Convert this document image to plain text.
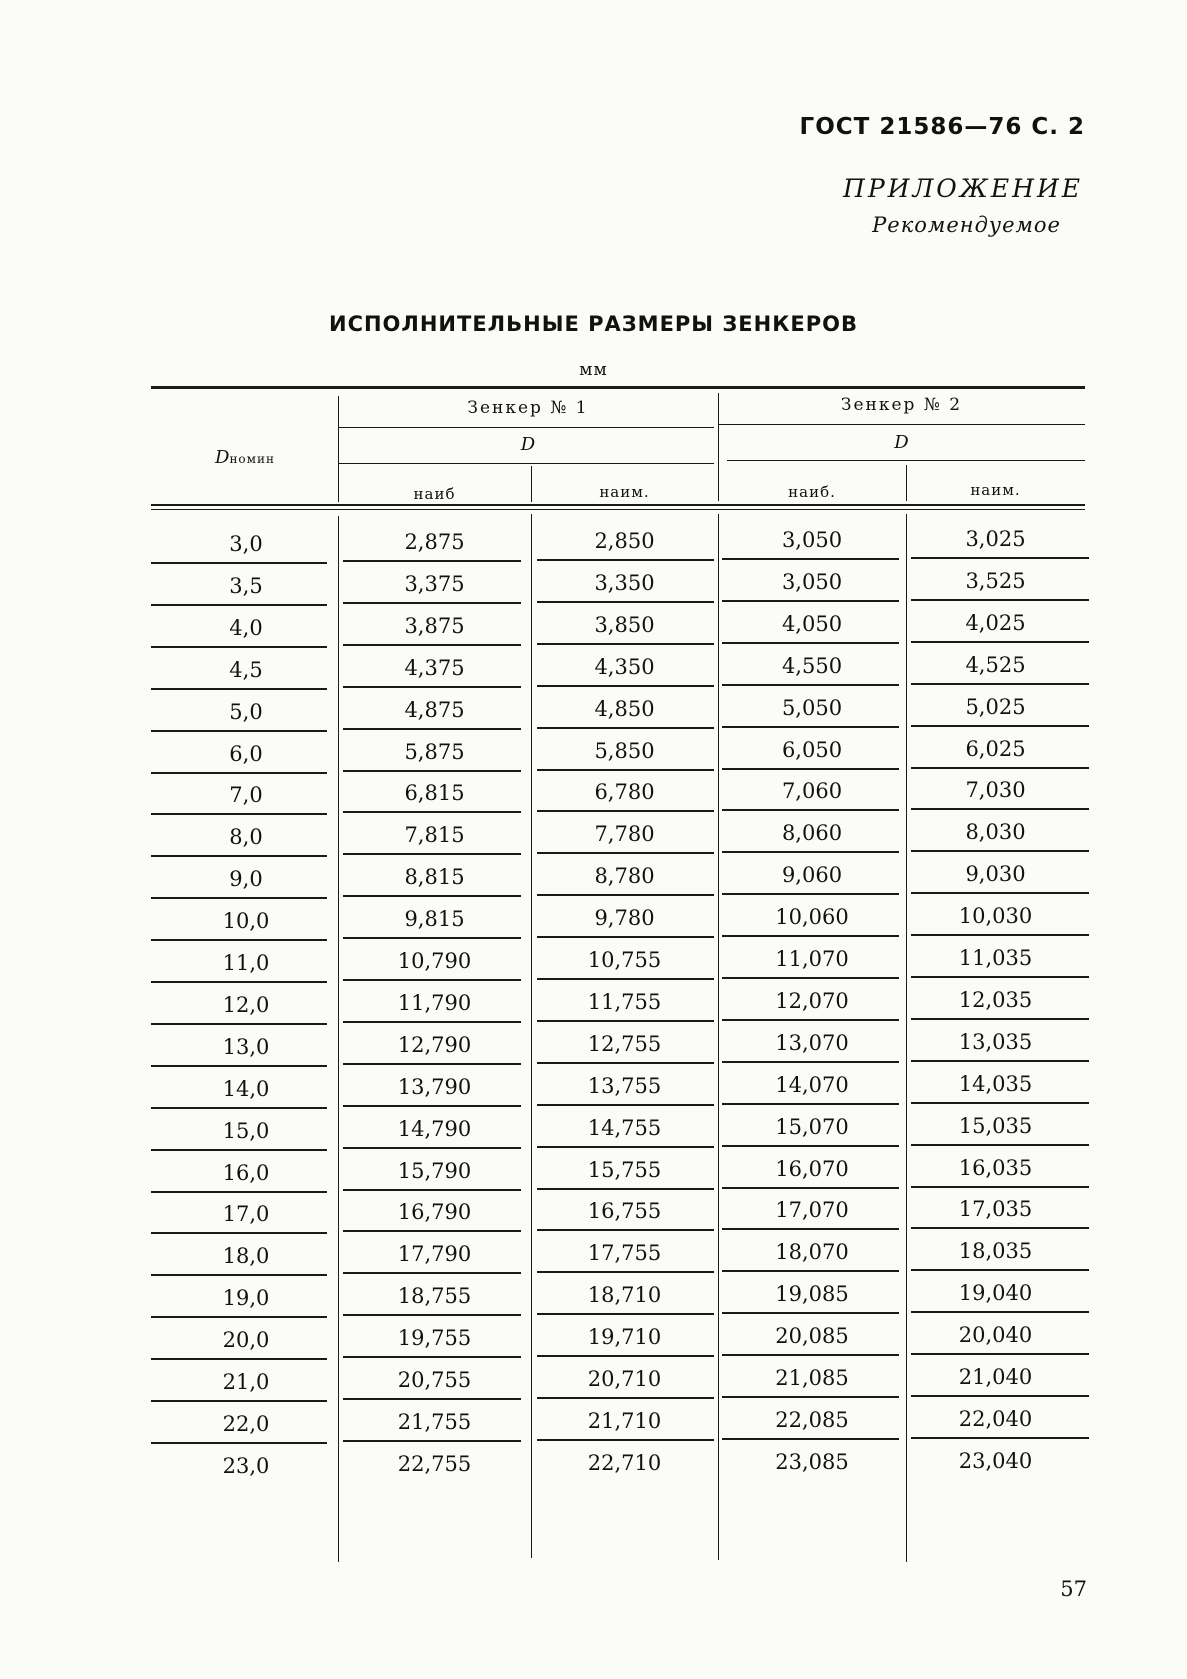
ГОСТ 21586—76 С. 2
ПРИЛОЖЕНИЕ
Рекомендуемое
ИСПОЛНИТЕЛЬНЫЕ РАЗМЕРЫ ЗЕНКЕРОВ
мм
Dномин
Зенкер № 1	Зенкер № 2
D	D
наиб	наим.	наиб.	наим.
3,0	2,875	2,850	3,050	3,025
3,5	3,375	3,350	3,050	3,525
4,0	3,875	3,850	4,050	4,025
4,5	4,375	4,350	4,550	4,525
5,0	4,875	4,850	5,050	5,025
6,0	5,875	5,850	6,050	6,025
7,0	6,815	6,780	7,060	7,030
8,0	7,815	7,780	8,060	8,030
9,0	8,815	8,780	9,060	9,030
10,0	9,815	9,780	10,060	10,030
11,0	10,790	10,755	11,070	11,035
12,0	11,790	11,755	12,070	12,035
13,0	12,790	12,755	13,070	13,035
14,0	13,790	13,755	14,070	14,035
15,0	14,790	14,755	15,070	15,035
16,0	15,790	15,755	16,070	16,035
17,0	16,790	16,755	17,070	17,035
18,0	17,790	17,755	18,070	18,035
19,0	18,755	18,710	19,085	19,040
20,0	19,755	19,710	20,085	20,040
21,0	20,755	20,710	21,085	21,040
22,0	21,755	21,710	22,085	22,040
23,0	22,755	22,710	23,085	23,040
57
